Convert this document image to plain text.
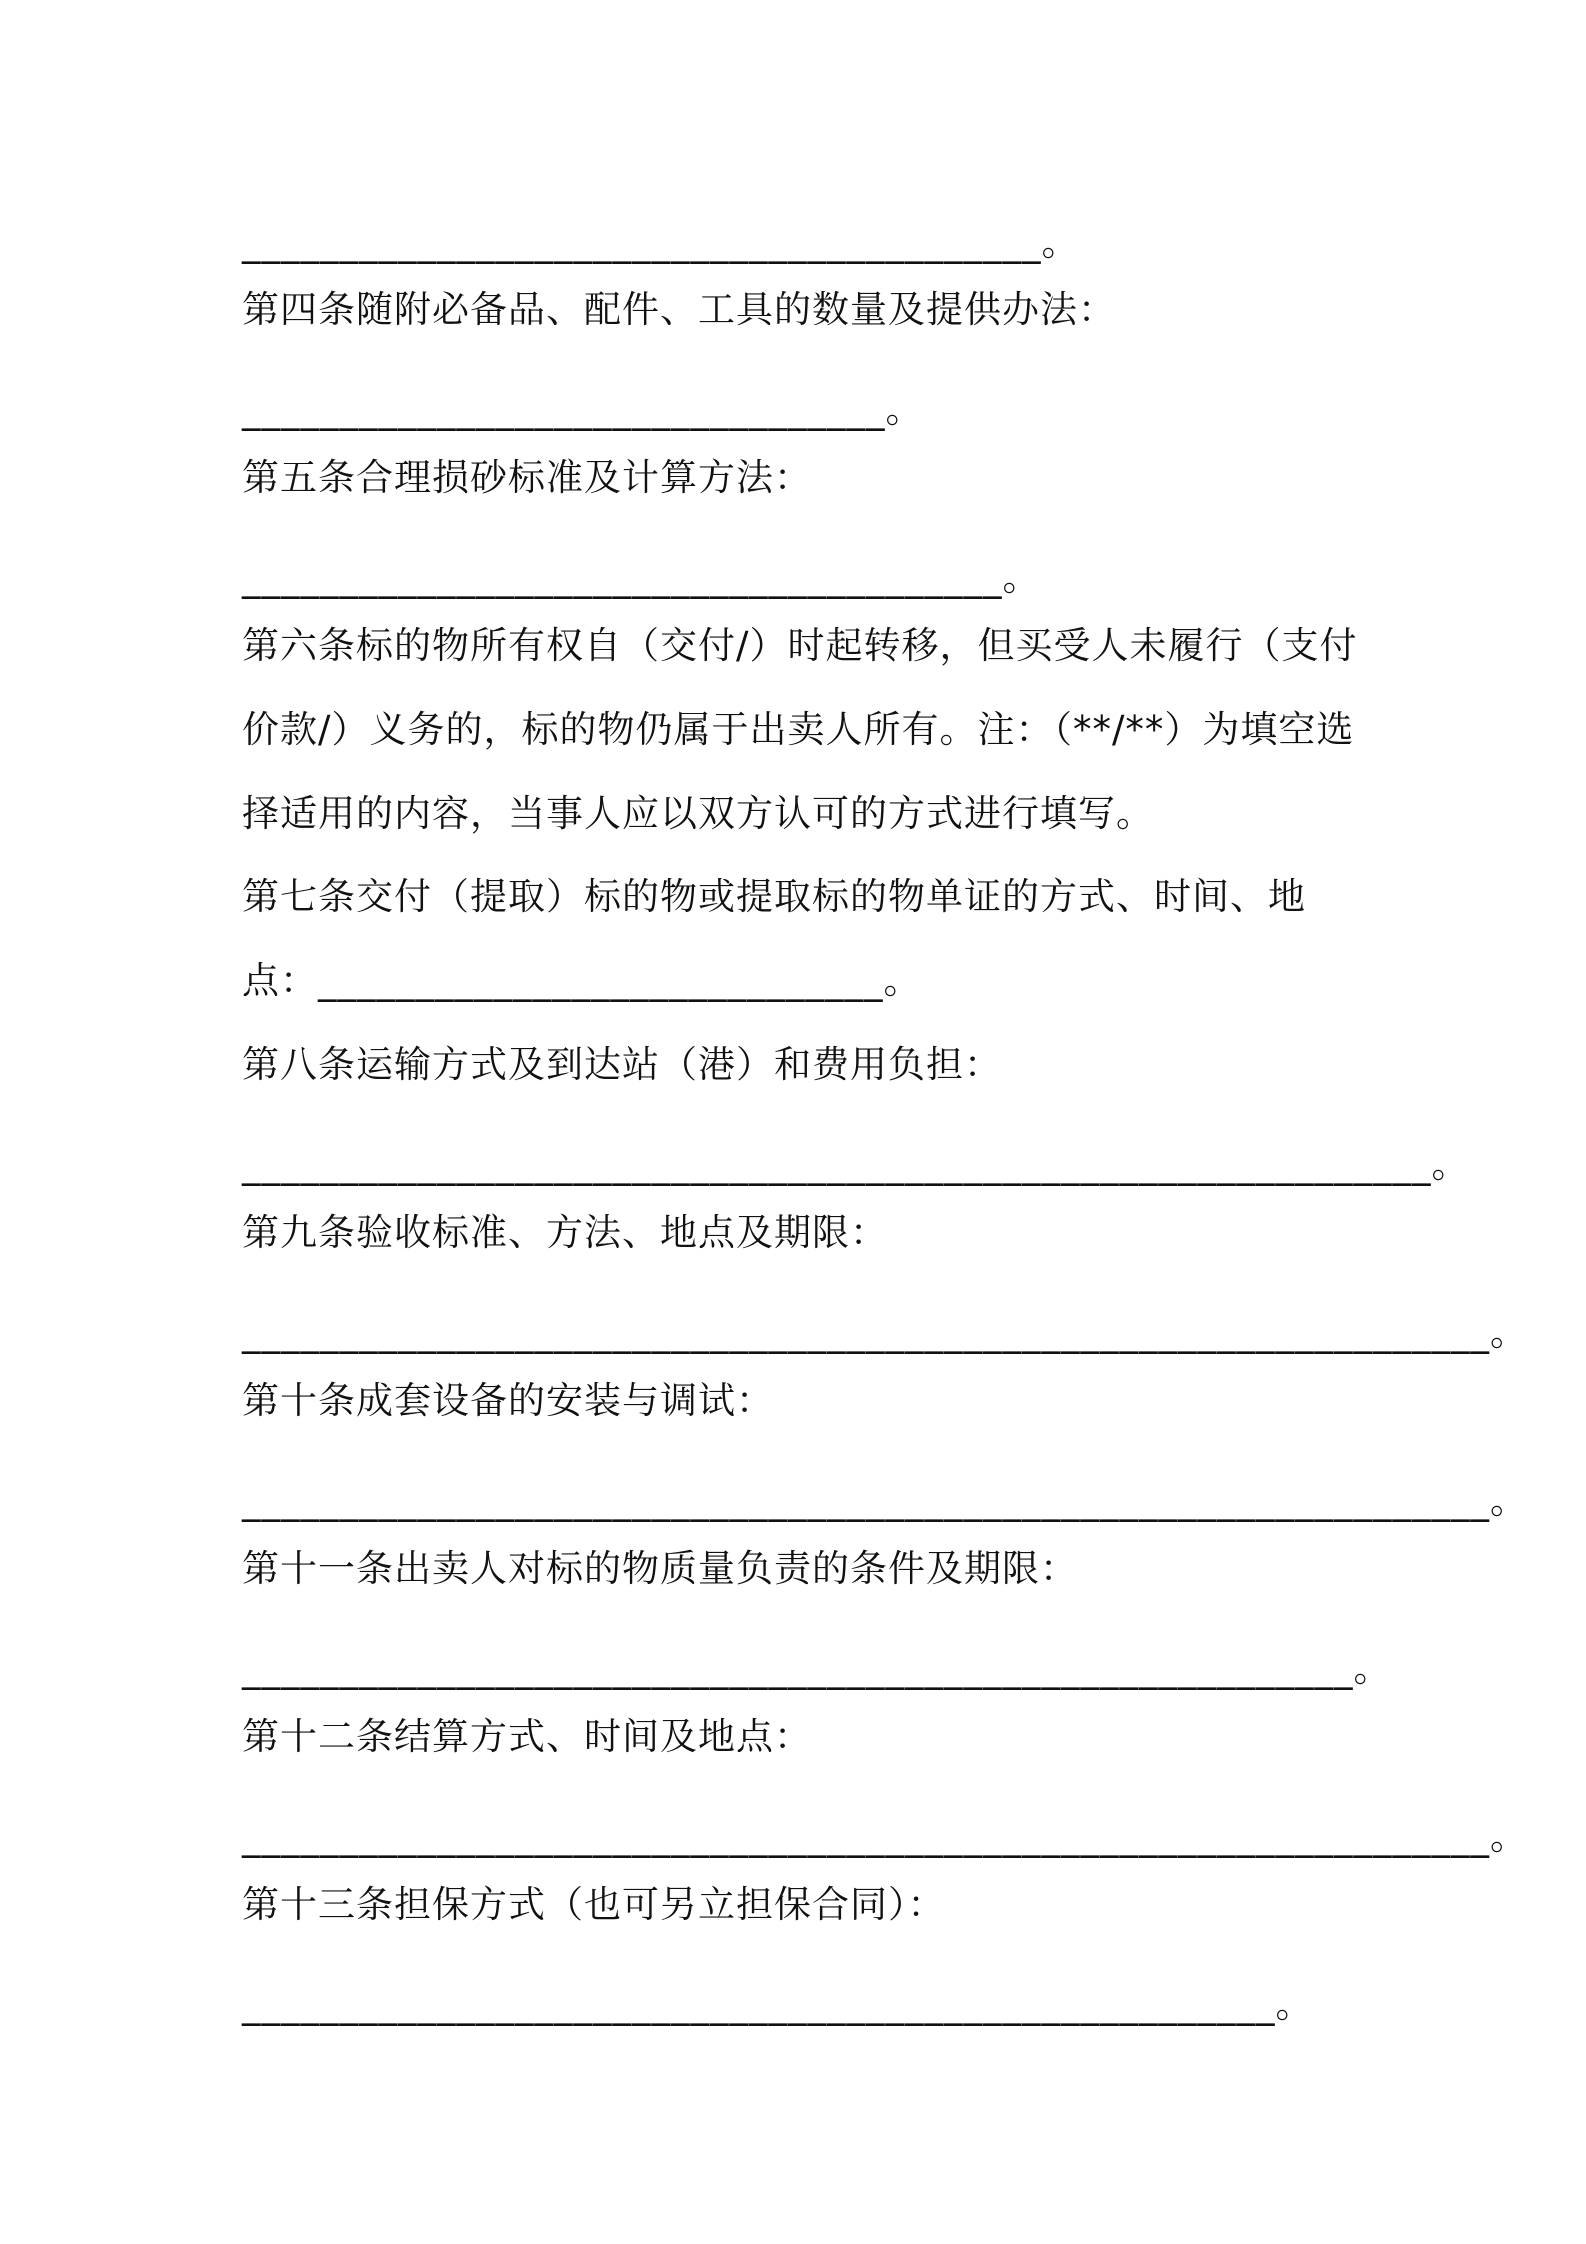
_________________________________________。
第四条随附必备品、配件、工具的数量及提供办法：
_________________________________。
第五条合理损砂标准及计算方法：
_______________________________________。
第六条标的物所有权自（交付/）时起转移，但买受人未履行（支付
价款/）义务的，标的物仍属于出卖人所有。注：（**/**）为填空选
择适用的内容，当事人应以双方认可的方式进行填写。
第七条交付（提取）标的物或提取标的物单证的方式、时间、地
点：_____________________________。
第八条运输方式及到达站（港）和费用负担：
_____________________________________________________________。
第九条验收标准、方法、地点及期限：
________________________________________________________________。
第十条成套设备的安装与调试：
________________________________________________________________。
第十一条出卖人对标的物质量负责的条件及期限：
_________________________________________________________。
第十二条结算方式、时间及地点：
________________________________________________________________。
第十三条担保方式（也可另立担保合同）：
_____________________________________________________。
